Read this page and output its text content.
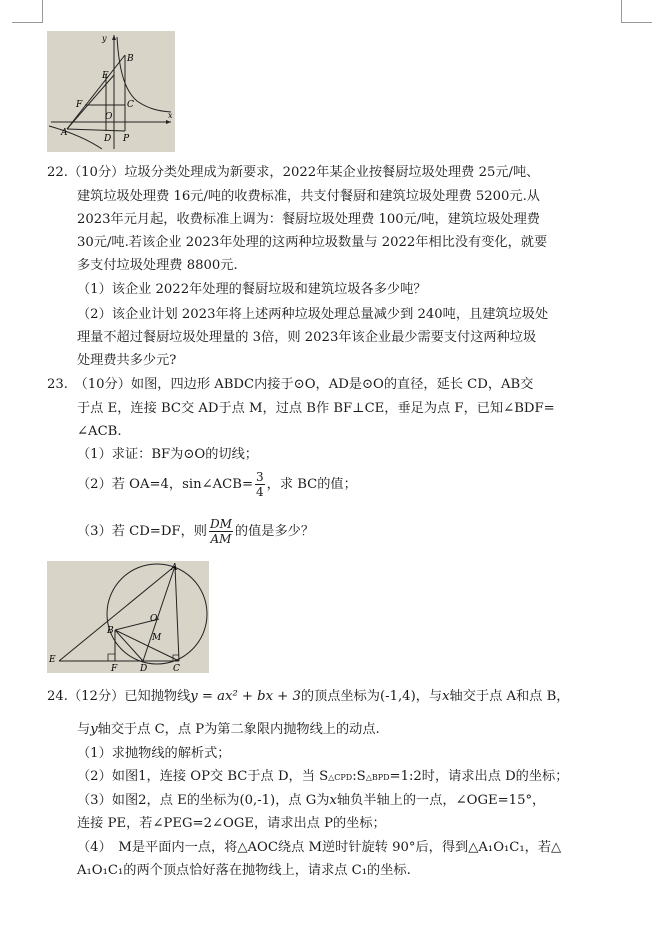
y
x
B
E
F	C
O
A
D P
22.（10分）垃圾分类处理成为新要求，2022年某企业按餐厨垃圾处理费 25元/吨、
建筑垃圾处理费 16元/吨的收费标准，共支付餐厨和建筑垃圾处理费 5200元.从
2023年元月起，收费标准上调为：餐厨垃圾处理费 100元/吨，建筑垃圾处理费
30元/吨.若该企业 2023年处理的这两种垃圾数量与 2022年相比没有变化，就要
多支付垃圾处理费 8800元.
（1）该企业 2022年处理的餐厨垃圾和建筑垃圾各多少吨？
（2）该企业计划 2023年将上述两种垃圾处理总量减少到 240吨，且建筑垃圾处
理量不超过餐厨垃圾处理量的 3倍，则 2023年该企业最少需要支付这两种垃圾
处理费共多少元?
23.　（10分）如图，四边形 ABDC内接于⊙O，AD是⊙O的直径，延长 CD，AB交
于点 E，连接 BC交 AD于点 M，过点 B作 BF⊥CE，垂足为点 F，已知∠BDF=
∠ACB.
（1）求证：BF为⊙O的切线；
（2）若 OA=4，sin∠ACB= $\frac{3}{4}$ ，求 BC的值；
（3）若 CD=DF，则 $\frac{DM}{AM}$ 的值是多少？
A
B
O
M
E
F	D	C
24.（12分）已知抛物线y = ax² + bx + 3的顶点坐标为(-1,4)，与x轴交于点 A和点 B，
与y轴交于点 C，点 P为第二象限内抛物线上的动点.
（1）求抛物线的解析式；
（2）如图1，连接 OP交 BC于点 D，当 S△CPD:S△BPD=1:2时，请求出点 D的坐标；
（3）如图2，点 E的坐标为(0,-1)，点 G为x轴负半轴上的一点，∠OGE=15°，
连接 PE，若∠PEG=2∠OGE，请求出点 P的坐标；
（4）　M是平面内一点，将△AOC绕点 M逆时针旋转 90°后，得到△A₁O₁C₁，若△
A₁O₁C₁的两个顶点恰好落在抛物线上，请求点 C₁的坐标.
